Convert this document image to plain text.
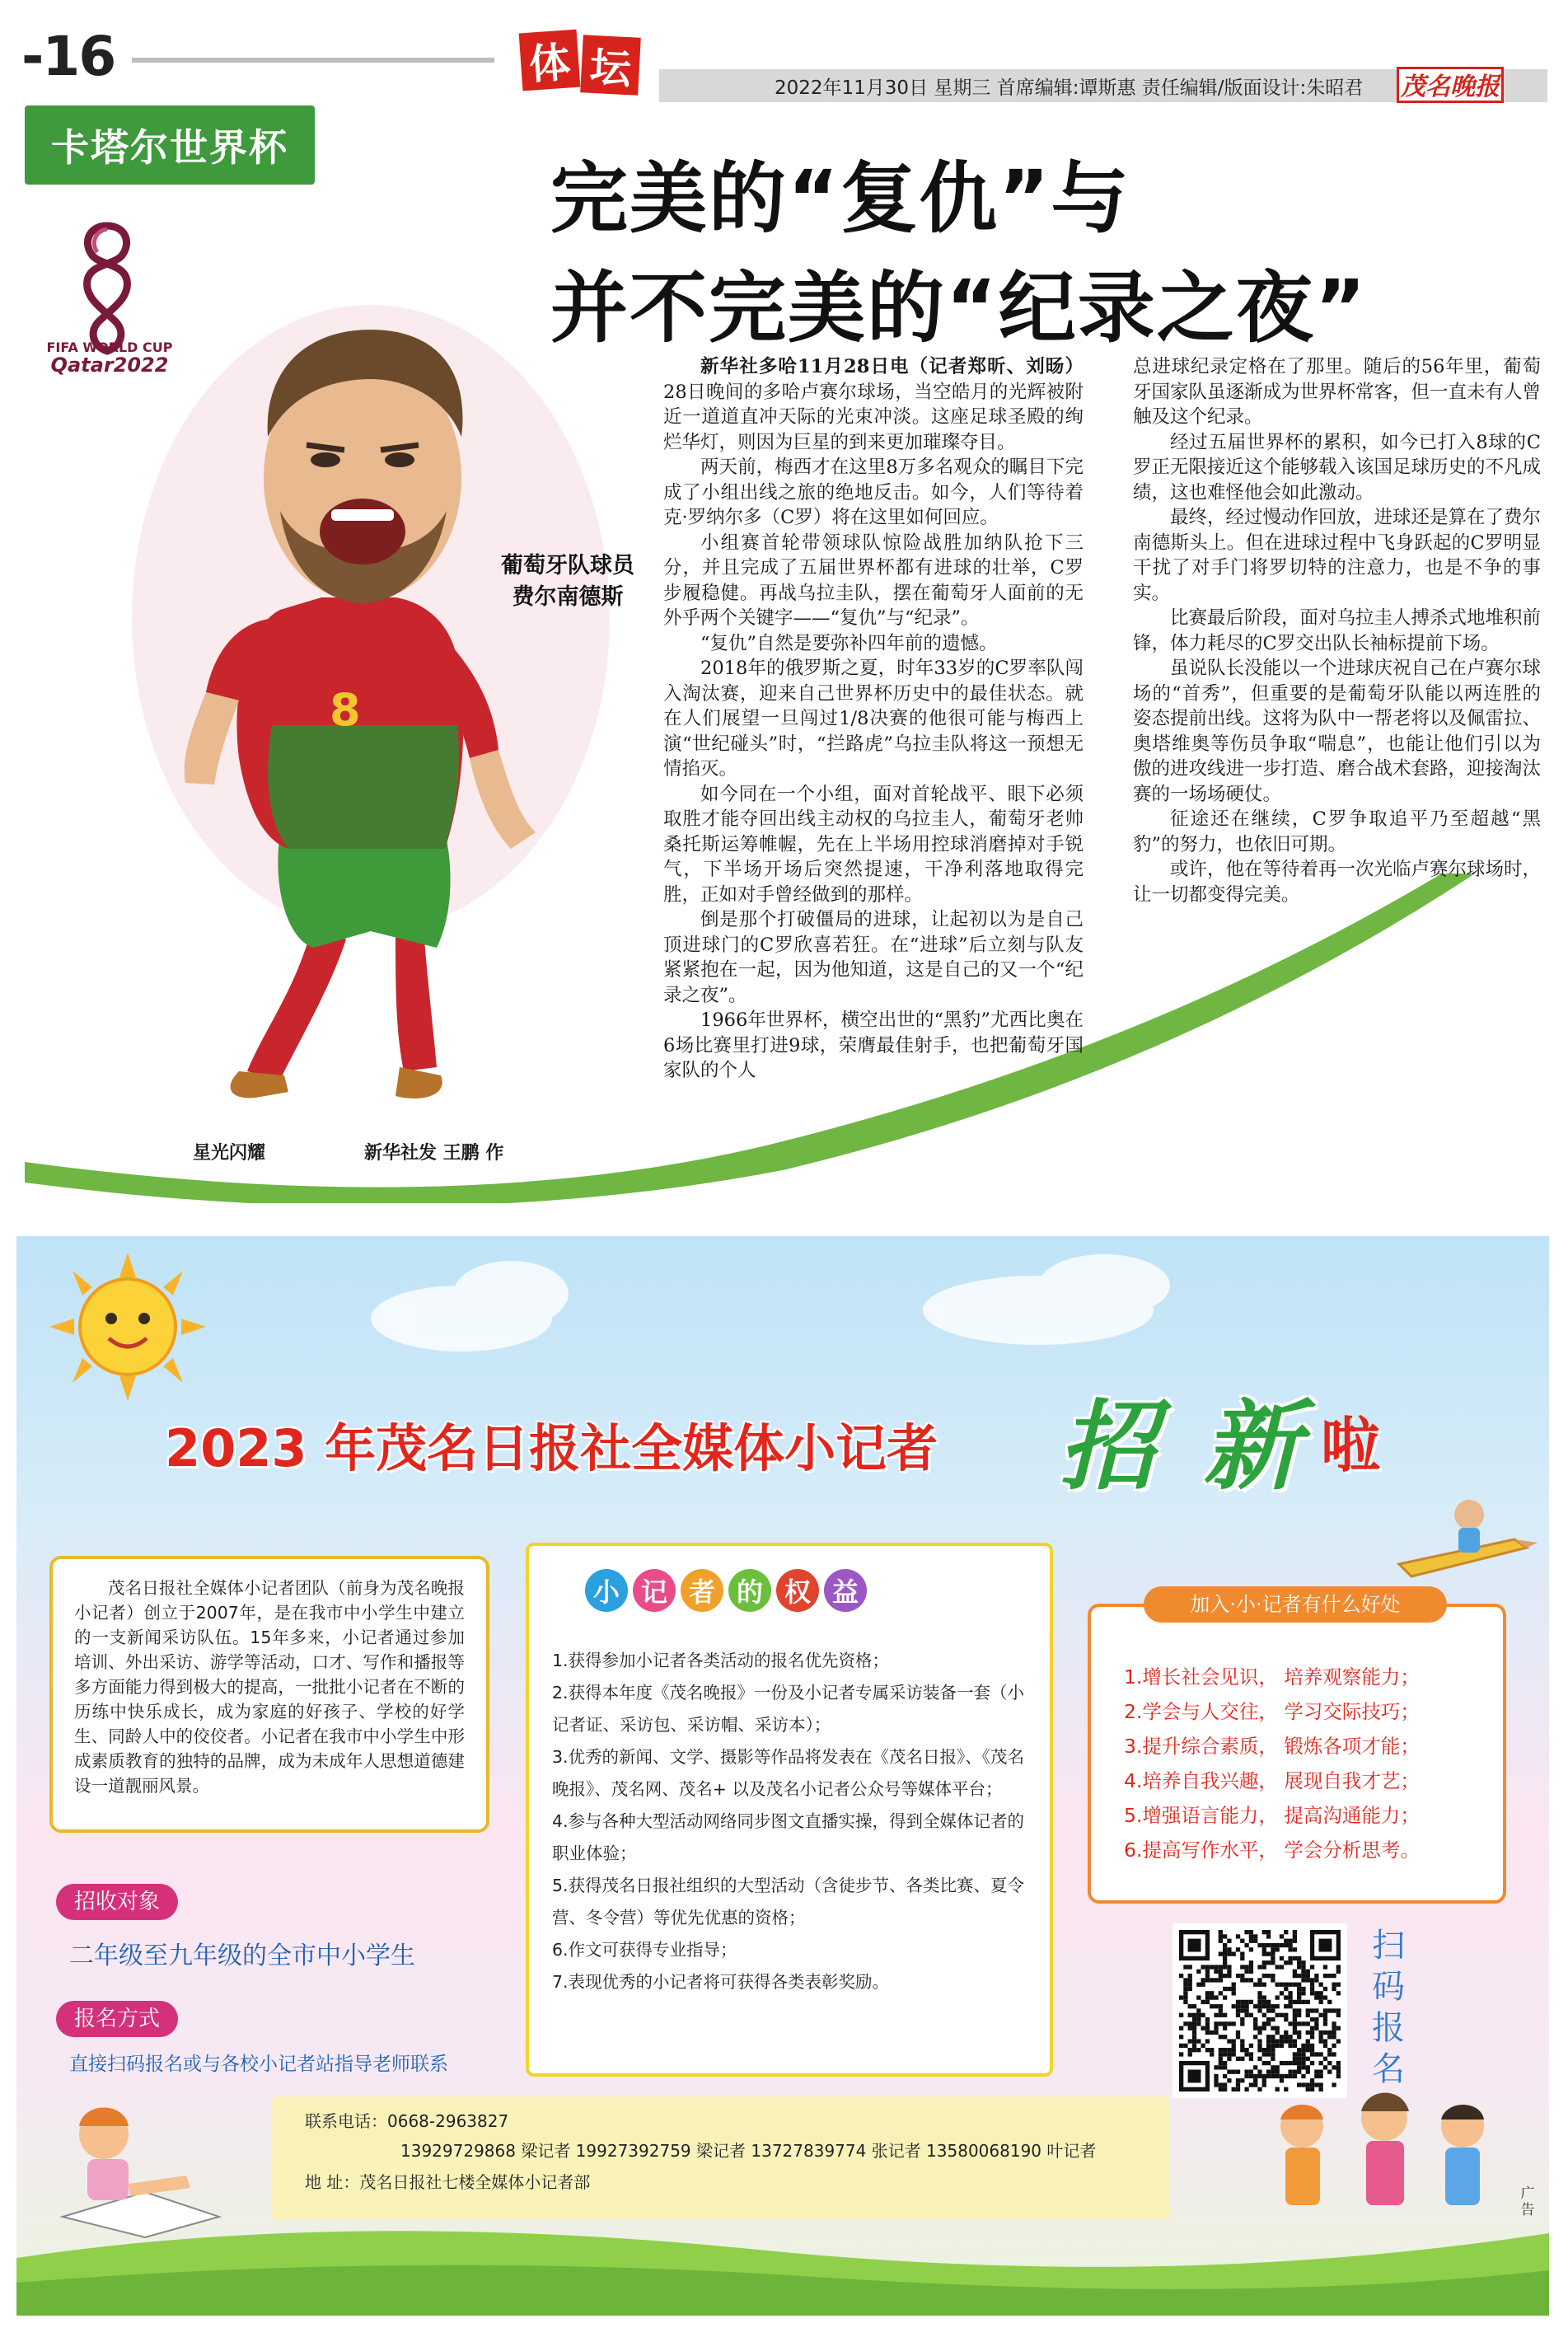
-16	体 坛	2022年11月30日 星期三 首席编辑:谭斯惠 责任编辑/版面设计:朱昭君 茂名晚报
卡塔尔世界杯
完美的“复仇”与
并不完美的“纪录之夜”
FIFA WORLD CUP
Qatar2022
8
葡萄牙队球员
费尔南德斯
星光闪耀	新华社发 王鹏 作

新华社多哈11月28日电（记者郑昕、刘旸）28日晚间的多哈卢赛尔球场，当空皓月的光辉被附近一道道直冲天际的光束冲淡。这座足球圣殿的绚烂华灯，则因为巨星的到来更加璀璨夺目。

两天前，梅西才在这里8万多名观众的瞩目下完成了小组出线之旅的绝地反击。如今，人们等待着克·罗纳尔多（C罗）将在这里如何回应。

小组赛首轮带领球队惊险战胜加纳队抢下三分，并且完成了五届世界杯都有进球的壮举，C罗步履稳健。再战乌拉圭队，摆在葡萄牙人面前的无外乎两个关键字——“复仇”与“纪录”。

“复仇”自然是要弥补四年前的遗憾。

2018年的俄罗斯之夏，时年33岁的C罗率队闯入淘汰赛，迎来自己世界杯历史中的最佳状态。就在人们展望一旦闯过1/8决赛的他很可能与梅西上演“世纪碰头”时，“拦路虎”乌拉圭队将这一预想无情掐灭。

如今同在一个小组，面对首轮战平、眼下必须取胜才能夺回出线主动权的乌拉圭人，葡萄牙老帅桑托斯运筹帷幄，先在上半场用控球消磨掉对手锐气，下半场开场后突然提速，干净利落地取得完胜，正如对手曾经做到的那样。

倒是那个打破僵局的进球，让起初以为是自己顶进球门的C罗欣喜若狂。在“进球”后立刻与队友紧紧抱在一起，因为他知道，这是自己的又一个“纪录之夜”。

1966年世界杯，横空出世的“黑豹”尤西比奥在6场比赛里打进9球，荣膺最佳射手，也把葡萄牙国家队的个人

总进球纪录定格在了那里。随后的56年里，葡萄牙国家队虽逐渐成为世界杯常客，但一直未有人曾触及这个纪录。

经过五届世界杯的累积，如今已打入8球的C罗正无限接近这个能够载入该国足球历史的不凡成绩，这也难怪他会如此激动。

最终，经过慢动作回放，进球还是算在了费尔南德斯头上。但在进球过程中飞身跃起的C罗明显干扰了对手门将罗切特的注意力，也是不争的事实。

比赛最后阶段，面对乌拉圭人搏杀式地堆积前锋，体力耗尽的C罗交出队长袖标提前下场。

虽说队长没能以一个进球庆祝自己在卢赛尔球场的“首秀”，但重要的是葡萄牙队能以两连胜的姿态提前出线。这将为队中一帮老将以及佩雷拉、奥塔维奥等伤员争取“喘息”，也能让他们引以为傲的进攻线进一步打造、磨合战术套路，迎接淘汰赛的一场场硬仗。

征途还在继续，C罗争取追平乃至超越“黑豹”的努力，也依旧可期。

或许，他在等待着再一次光临卢赛尔球场时，让一切都变得完美。

2023 年茂名日报社全媒体小记者 招 新 啦
茂名日报社全媒体小记者团队（前身为茂名晚报小记者）创立于2007年，是在我市中小学生中建立的一支新闻采访队伍。15年多来，小记者通过参加培训、外出采访、游学等活动，口才、写作和播报等多方面能力得到极大的提高，一批批小记者在不断的历练中快乐成长，成为家庭的好孩子、学校的好学生、同龄人中的佼佼者。小记者在我市中小学生中形成素质教育的独特的品牌，成为未成年人思想道德建设一道靓丽风景。
招收对象
二年级至九年级的全市中小学生
报名方式
直接扫码报名或与各校小记者站指导老师联系
1.获得参加小记者各类活动的报名优先资格；
2.获得本年度《茂名晚报》一份及小记者专属采访装备一套（小记者证、采访包、采访帽、采访本）；
3.优秀的新闻、文学、摄影等作品将发表在《茂名日报》、《茂名晚报》、茂名网、茂名+ 以及茂名小记者公众号等媒体平台；
4.参与各种大型活动网络同步图文直播实操，得到全媒体记者的职业体验；
5.获得茂名日报社组织的大型活动（含徒步节、各类比赛、夏令营、冬令营）等优先优惠的资格；
6.作文可获得专业指导；
7.表现优秀的小记者将可获得各类表彰奖励。
小 记 者 的 权 益
1.增长社会见识， 培养观察能力；
2.学会与人交往， 学习交际技巧；
3.提升综合素质， 锻炼各项才能；
4.培养自我兴趣， 展现自我才艺；
5.增强语言能力， 提高沟通能力；
6.提高写作水平， 学会分析思考。
加入·小·记者有什么好处
扫码报名
联系电话：0668-2963827
13929729868 梁记者 19927392759 梁记者 13727839774 张记者 13580068190 叶记者
地 址：茂名日报社七楼全媒体小记者部
广告
